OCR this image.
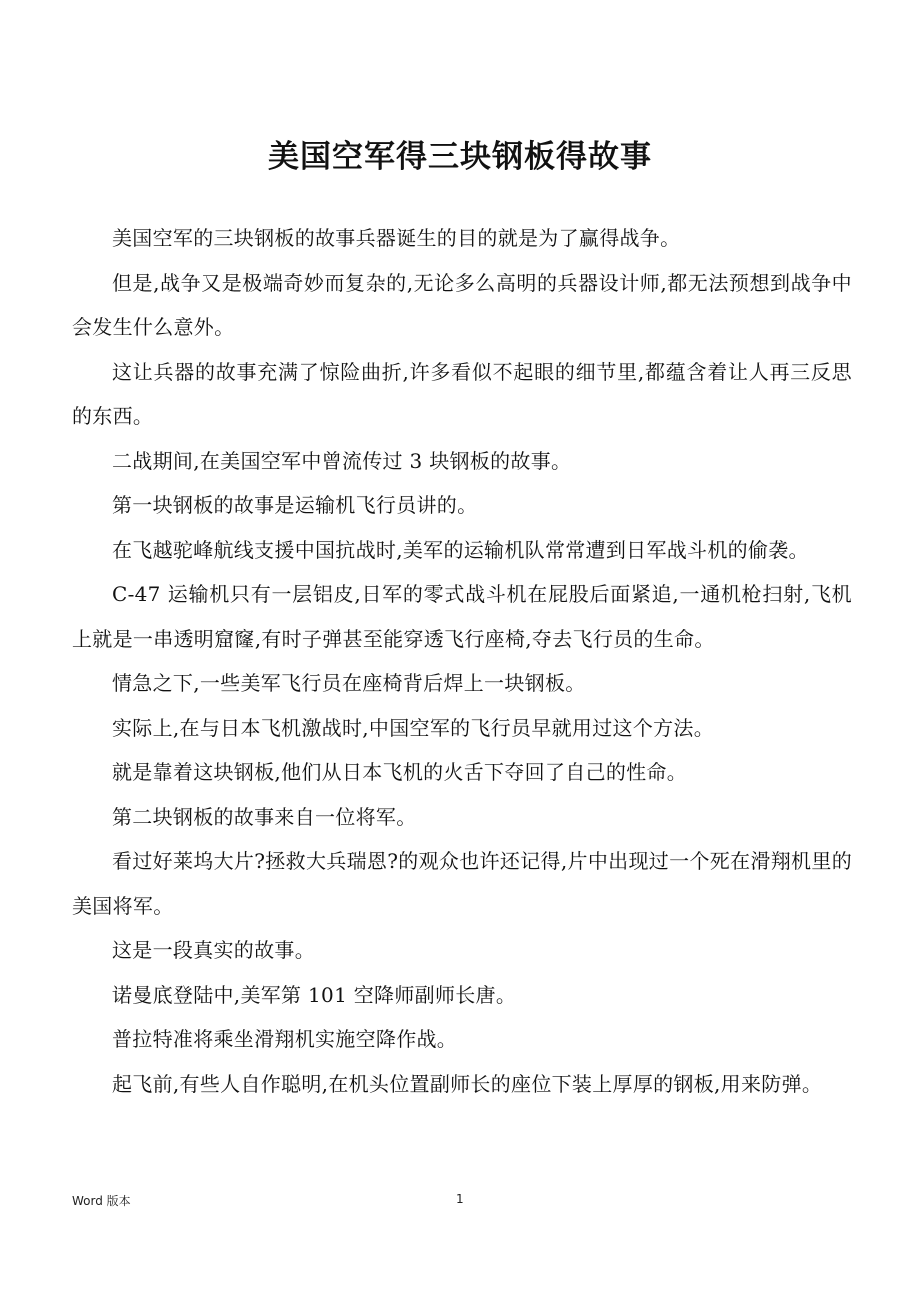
美国空军得三块钢板得故事

美国空军的三块钢板的故事兵器诞生的目的就是为了赢得战争。

但是,战争又是极端奇妙而复杂的,无论多么高明的兵器设计师,都无法预想到战争中会发生什么意外。

这让兵器的故事充满了惊险曲折,许多看似不起眼的细节里,都蕴含着让人再三反思的东西。

二战期间,在美国空军中曾流传过 3 块钢板的故事。

第一块钢板的故事是运输机飞行员讲的。

在飞越驼峰航线支援中国抗战时,美军的运输机队常常遭到日军战斗机的偷袭。

C-47 运输机只有一层铝皮,日军的零式战斗机在屁股后面紧追,一通机枪扫射,飞机上就是一串透明窟窿,有时子弹甚至能穿透飞行座椅,夺去飞行员的生命。

情急之下,一些美军飞行员在座椅背后焊上一块钢板。

实际上,在与日本飞机激战时,中国空军的飞行员早就用过这个方法。

就是靠着这块钢板,他们从日本飞机的火舌下夺回了自己的性命。

第二块钢板的故事来自一位将军。

看过好莱坞大片?拯救大兵瑞恩?的观众也许还记得,片中出现过一个死在滑翔机里的美国将军。

这是一段真实的故事。

诺曼底登陆中,美军第 101 空降师副师长唐。

普拉特准将乘坐滑翔机实施空降作战。

起飞前,有些人自作聪明,在机头位置副师长的座位下装上厚厚的钢板,用来防弹。

Word 版本	1
